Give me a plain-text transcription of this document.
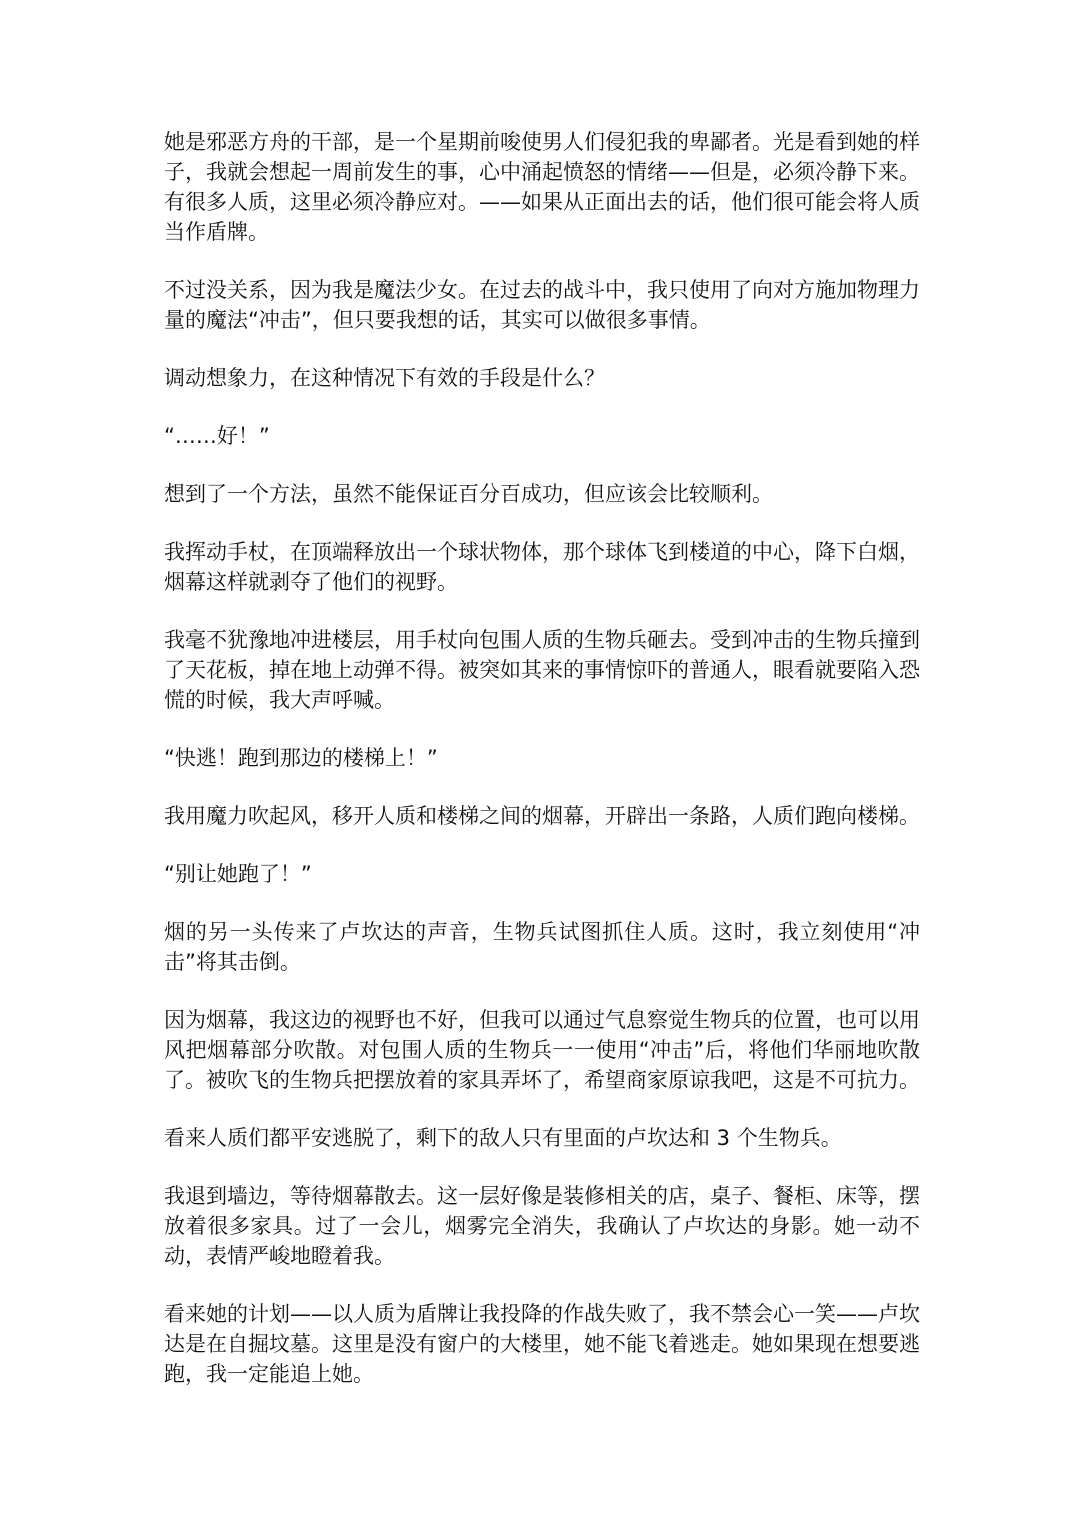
她是邪恶方舟的干部，是一个星期前唆使男人们侵犯我的卑鄙者。光是看到她的样子，我就会想起一周前发生的事，心中涌起愤怒的情绪——但是，必须冷静下来。有很多人质，这里必须冷静应对。——如果从正面出去的话，他们很可能会将人质当作盾牌。

不过没关系，因为我是魔法少女。在过去的战斗中，我只使用了向对方施加物理力量的魔法“冲击”，但只要我想的话，其实可以做很多事情。

调动想象力，在这种情况下有效的手段是什么？

“……好！”

想到了一个方法，虽然不能保证百分百成功，但应该会比较顺利。

我挥动手杖，在顶端释放出一个球状物体，那个球体飞到楼道的中心，降下白烟，烟幕这样就剥夺了他们的视野。

我毫不犹豫地冲进楼层，用手杖向包围人质的生物兵砸去。受到冲击的生物兵撞到了天花板，掉在地上动弹不得。被突如其来的事情惊吓的普通人，眼看就要陷入恐慌的时候，我大声呼喊。

“快逃！跑到那边的楼梯上！”

我用魔力吹起风，移开人质和楼梯之间的烟幕，开辟出一条路，人质们跑向楼梯。

“别让她跑了！”

烟的另一头传来了卢坎达的声音，生物兵试图抓住人质。这时，我立刻使用“冲击”将其击倒。

因为烟幕，我这边的视野也不好，但我可以通过气息察觉生物兵的位置，也可以用风把烟幕部分吹散。对包围人质的生物兵一一使用“冲击”后，将他们华丽地吹散了。被吹飞的生物兵把摆放着的家具弄坏了，希望商家原谅我吧，这是不可抗力。

看来人质们都平安逃脱了，剩下的敌人只有里面的卢坎达和 3 个生物兵。

我退到墙边，等待烟幕散去。这一层好像是装修相关的店，桌子、餐柜、床等，摆放着很多家具。过了一会儿，烟雾完全消失，我确认了卢坎达的身影。她一动不动，表情严峻地瞪着我。

看来她的计划——以人质为盾牌让我投降的作战失败了，我不禁会心一笑——卢坎达是在自掘坟墓。这里是没有窗户的大楼里，她不能飞着逃走。她如果现在想要逃跑，我一定能追上她。
